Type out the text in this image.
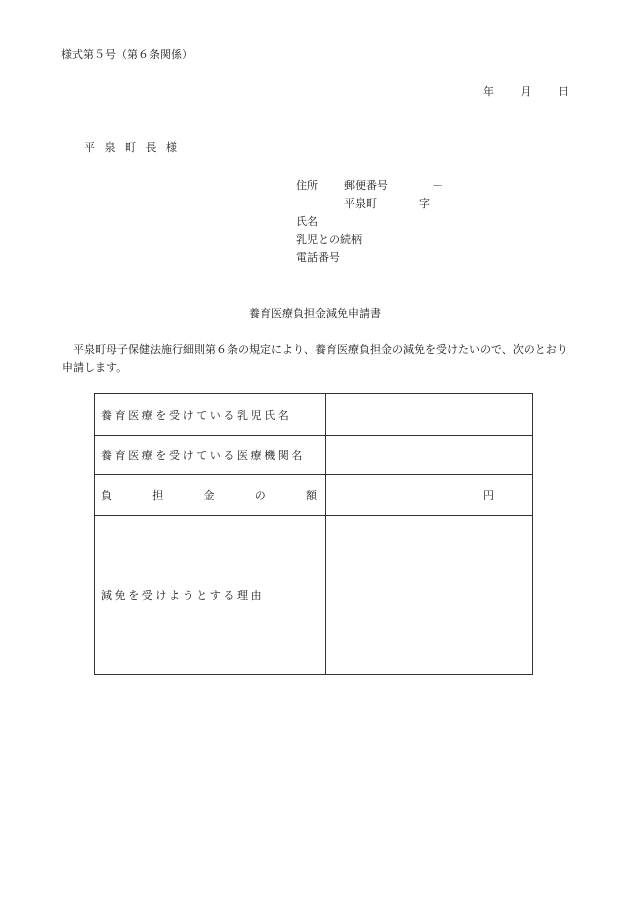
様式第５号（第６条関係）
年 月 日
平泉町長様
住所 郵便番号	－
平泉町	字
氏名
乳児との続柄
電話番号
養育医療負担金減免申請書
平泉町母子保健法施行細則第６条の規定により、養育医療負担金の減免を受けたいので、次のとおり申請します。
養育医療を受けている乳児氏名	
養育医療を受けている医療機関名	

負 担 金 の 額	円
減免を受けようとする理由	
